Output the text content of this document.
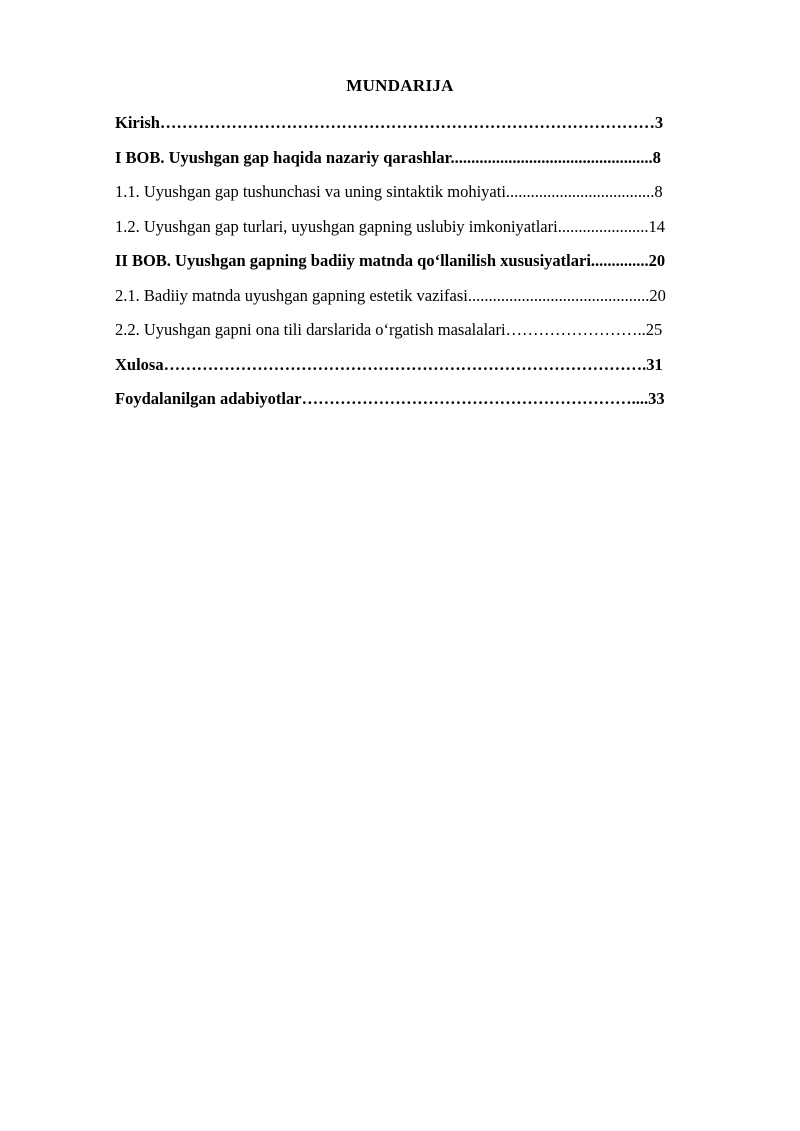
MUNDARIJA
Kirish………………………………………………………………………………3
I BOB. Uyushgan gap haqida nazariy qarashlar.................................................8
1.1. Uyushgan gap tushunchasi va uning sintaktik mohiyati....................................8
1.2. Uyushgan gap turlari, uyushgan gapning uslubiy imkoniyatlari......................14
II BOB. Uyushgan gapning badiiy matnda qo‘llanilish xususiyatlari..............20
2.1. Badiiy matnda uyushgan gapning estetik vazifasi............................................20
2.2. Uyushgan gapni ona tili darslarida o‘rgatish masalalari……………………..25
Xulosa…………………………………………………………………………….31
Foydalanilgan adabiyotlar……………………………………………………....33
